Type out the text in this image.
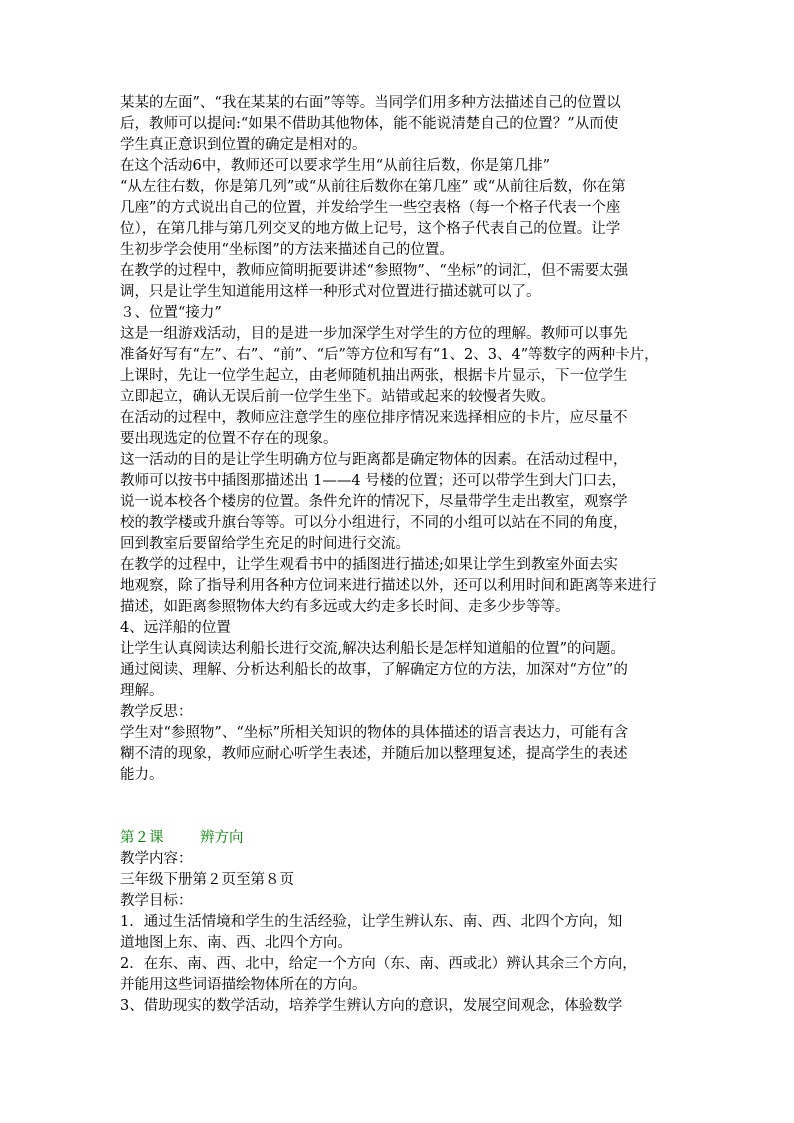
某某的左面”、“我在某某的右面”等等。当同学们用多种方法描述自己的位置以
后，教师可以提问:“如果不借助其他物体，能不能说清楚自己的位置？”从而使
学生真正意识到位置的确定是相对的。
在这个活动6中，教师还可以要求学生用“从前往后数，你是第几排”
“从左往右数，你是第几列”或“从前往后数你在第几座” 或“从前往后数，你在第
几座”的方式说出自己的位置，并发给学生一些空表格（每一个格子代表一个座
位），在第几排与第几列交叉的地方做上记号，这个格子代表自己的位置。让学
生初步学会使用“坐标图”的方法来描述自己的位置。
在教学的过程中，教师应简明扼要讲述“参照物”、“坐标”的词汇，但不需要太强
调，只是让学生知道能用这样一种形式对位置进行描述就可以了。
３、位置“接力”
这是一组游戏活动，目的是进一步加深学生对学生的方位的理解。教师可以事先
准备好写有“左”、右”、“前”、“后”等方位和写有“1、2、3、4”等数字的两种卡片，
上课时，先让一位学生起立，由老师随机抽出两张，根据卡片显示，下一位学生
立即起立，确认无误后前一位学生坐下。站错或起来的较慢者失败。
在活动的过程中，教师应注意学生的座位排序情况来选择相应的卡片，应尽量不
要出现选定的位置不存在的现象。
这一活动的目的是让学生明确方位与距离都是确定物体的因素。在活动过程中，
教师可以按书中插图那描述出 1——4 号楼的位置；还可以带学生到大门口去，
说一说本校各个楼房的位置。条件允许的情况下，尽量带学生走出教室，观察学
校的教学楼或升旗台等等。可以分小组进行，不同的小组可以站在不同的角度，
回到教室后要留给学生充足的时间进行交流。
在教学的过程中，让学生观看书中的插图进行描述;如果让学生到教室外面去实
地观察，除了指导利用各种方位词来进行描述以外，还可以利用时间和距离等来进行
描述，如距离参照物体大约有多远或大约走多长时间、走多少步等等。
4、远洋船的位置
让学生认真阅读达利船长进行交流,解决达利船长是怎样知道船的位置”的问题。
通过阅读、理解、分析达利船长的故事，了解确定方位的方法，加深对“方位”的
理解。
教学反思：
学生对“参照物”、“坐标”所相关知识的物体的具体描述的语言表达力，可能有含
糊不清的现象，教师应耐心听学生表述，并随后加以整理复述，提高学生的表述
能力。
第２课	辨方向
教学内容：
三年级下册第２页至第８页
教学目标：
1．通过生活情境和学生的生活经验，让学生辨认东、南、西、北四个方向，知
道地图上东、南、西、北四个方向。
2．在东、南、西、北中，给定一个方向（东、南、西或北）辨认其余三个方向，
并能用这些词语描绘物体所在的方向。
3、借助现实的数学活动，培养学生辨认方向的意识，发展空间观念，体验数学
